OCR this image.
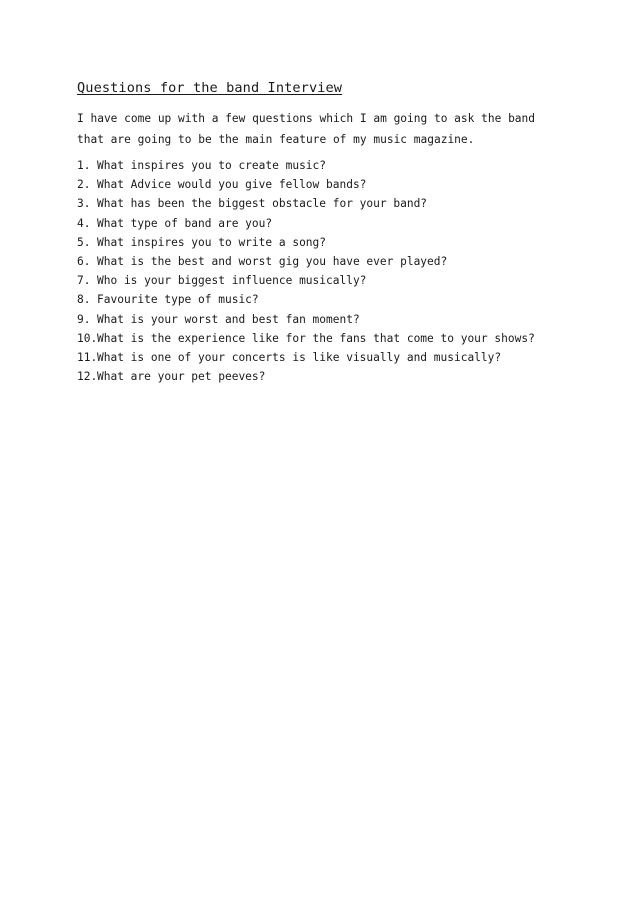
Questions for the band Interview

I have come up with a few questions which I am going to ask the band that are going to be the main feature of my music magazine.

1. What inspires you to create music?
2. What Advice would you give fellow bands?
3. What has been the biggest obstacle for your band?
4. What type of band are you?
5. What inspires you to write a song?
6. What is the best and worst gig you have ever played?
7. Who is your biggest influence musically?
8. Favourite type of music?
9. What is your worst and best fan moment?
10.What is the experience like for the fans that come to your shows?
11.What is one of your concerts is like visually and musically?
12.What are your pet peeves?
